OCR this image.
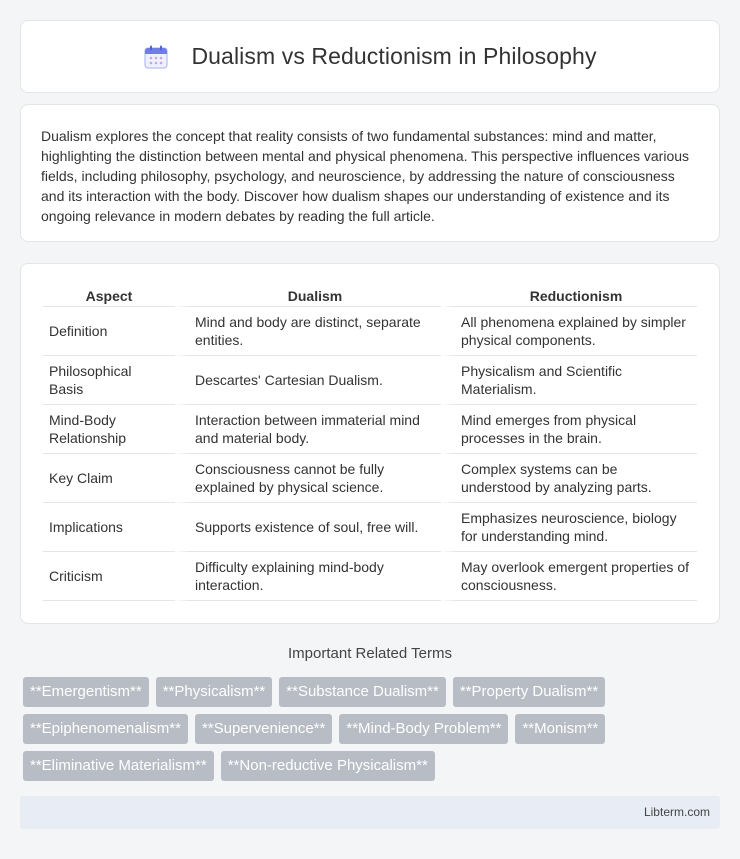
Dualism vs Reductionism in Philosophy

Dualism explores the concept that reality consists of two fundamental substances: mind and matter, highlighting the distinction between mental and physical phenomena. This perspective influences various fields, including philosophy, psychology, and neuroscience, by addressing the nature of consciousness and its interaction with the body. Discover how dualism shapes our understanding of existence and its ongoing relevance in modern debates by reading the full article.

Aspect	Dualism	Reductionism
Definition	Mind and body are distinct, separate entities.	All phenomena explained by simpler physical components.
Philosophical Basis	Descartes' Cartesian Dualism.	Physicalism and Scientific Materialism.
Mind-Body Relationship	Interaction between immaterial mind and material body.	Mind emerges from physical processes in the brain.
Key Claim	Consciousness cannot be fully explained by physical science.	Complex systems can be understood by analyzing parts.
Implications	Supports existence of soul, free will.	Emphasizes neuroscience, biology for understanding mind.
Criticism	Difficulty explaining mind-body interaction.	May overlook emergent properties of consciousness.
Important Related Terms
**Emergentism**	**Physicalism**	**Substance Dualism**	**Property Dualism**
**Epiphenomenalism**	**Supervenience**	**Mind-Body Problem**	**Monism**
**Eliminative Materialism**	**Non-reductive Physicalism**
Libterm.com
